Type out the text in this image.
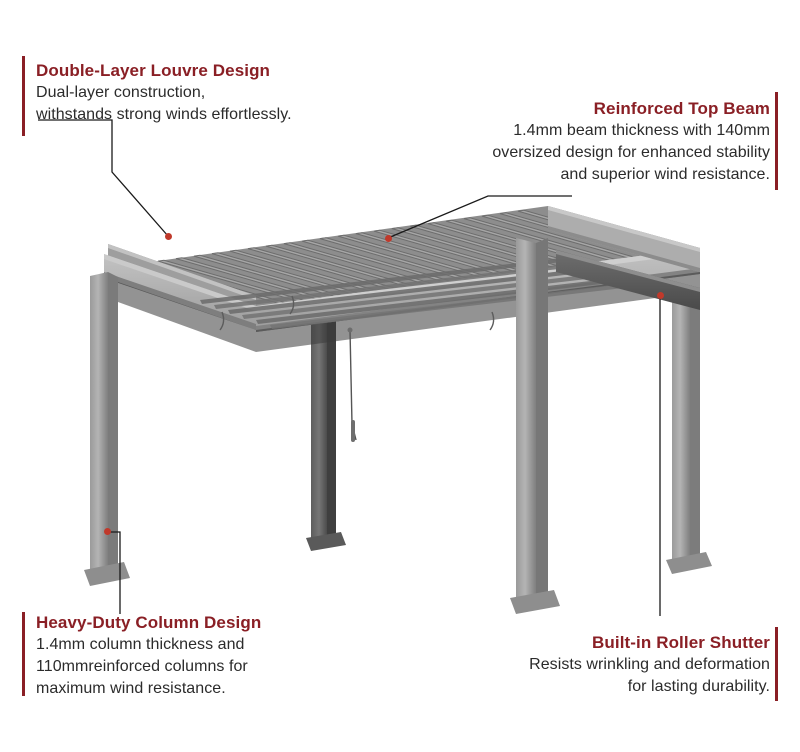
Double-Layer Louvre Design
Dual-layer construction,
withstands strong winds effortlessly.	Reinforced Top Beam
1.4mm beam thickness with 140mm
oversized design for enhanced stability
and superior wind resistance.
Heavy-Duty Column Design
1.4mm column thickness and
110mmreinforced columns for
maximum wind resistance.
Built-in Roller Shutter
Resists wrinkling and deformation
for lasting durability.
